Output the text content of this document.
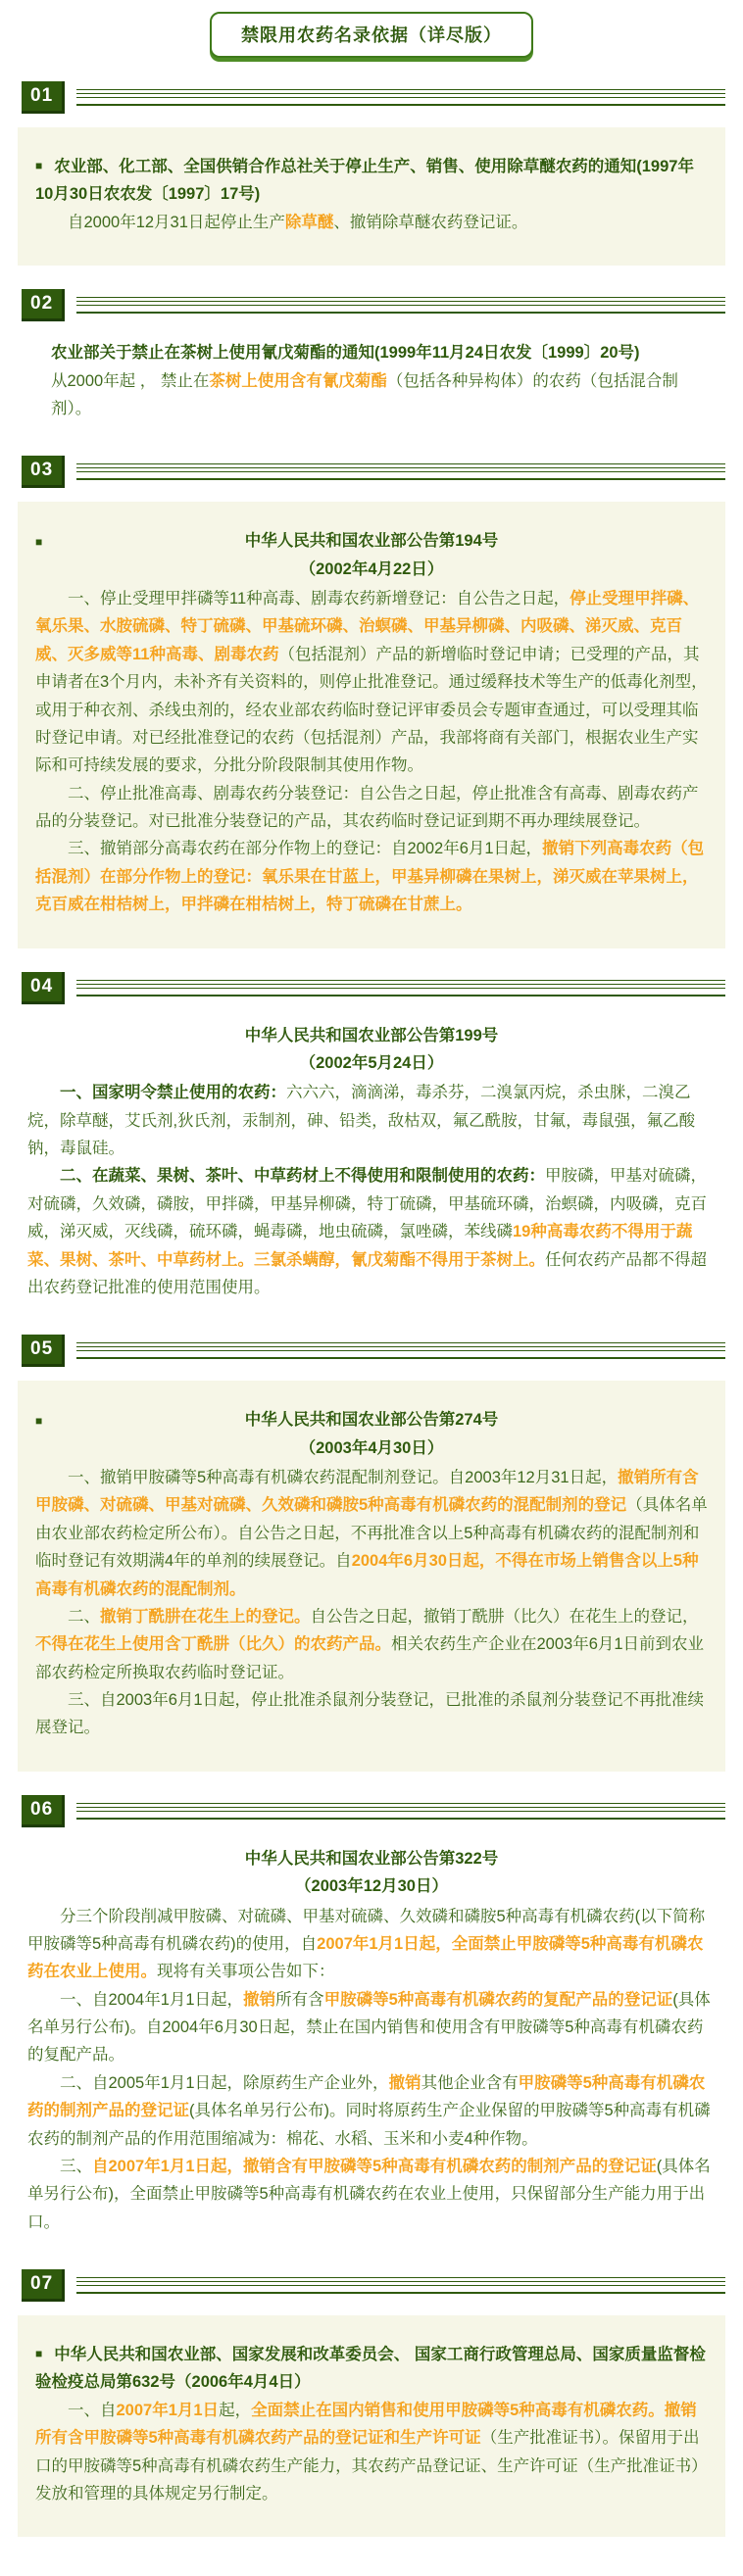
禁限用农药名录依据（详尽版）
01

■ 农业部、化工部、全国供销合作总社关于停止生产、销售、使用除草醚农药的通知(1997年10月30日农农发〔1997〕17号)

自2000年12月31日起停止生产除草醚、撤销除草醚农药登记证。

02

农业部关于禁止在茶树上使用氰戊菊酯的通知(1999年11月24日农发〔1999〕20号)

从2000年起 ， 禁止在茶树上使用含有氰戊菊酯（包括各种异构体）的农药（包括混合制剂）。

03
■	中华人民共和国农业部公告第194号
（2002年4月22日）

一、停止受理甲拌磷等11种高毒、剧毒农药新增登记：自公告之日起，停止受理甲拌磷、氧乐果、水胺硫磷、特丁硫磷、甲基硫环磷、治螟磷、甲基异柳磷、内吸磷、涕灭威、克百威、灭多威等11种高毒、剧毒农药（包括混剂）产品的新增临时登记申请；已受理的产品，其申请者在3个月内，未补齐有关资料的，则停止批准登记。通过缓释技术等生产的低毒化剂型，或用于种衣剂、杀线虫剂的，经农业部农药临时登记评审委员会专题审查通过，可以受理其临时登记申请。对已经批准登记的农药（包括混剂）产品，我部将商有关部门，根据农业生产实际和可持续发展的要求，分批分阶段限制其使用作物。

二、停止批准高毒、剧毒农药分装登记：自公告之日起，停止批准含有高毒、剧毒农药产品的分装登记。对已批准分装登记的产品，其农药临时登记证到期不再办理续展登记。

三、撤销部分高毒农药在部分作物上的登记：自2002年6月1日起，撤销下列高毒农药（包括混剂）在部分作物上的登记：氧乐果在甘蓝上，甲基异柳磷在果树上，涕灭威在苹果树上，克百威在柑桔树上，甲拌磷在柑桔树上，特丁硫磷在甘蔗上。

04
中华人民共和国农业部公告第199号
（2002年5月24日）

一、国家明令禁止使用的农药：六六六，滴滴涕，毒杀芬，二溴氯丙烷，杀虫脒，二溴乙烷，除草醚，艾氏剂,狄氏剂，汞制剂，砷、铅类，敌枯双，氟乙酰胺，甘氟，毒鼠强，氟乙酸钠，毒鼠硅。

二、在蔬菜、果树、茶叶、中草药材上不得使用和限制使用的农药：甲胺磷，甲基对硫磷，对硫磷，久效磷，磷胺，甲拌磷，甲基异柳磷，特丁硫磷，甲基硫环磷，治螟磷，内吸磷，克百威，涕灭威，灭线磷，硫环磷，蝇毒磷，地虫硫磷，氯唑磷，苯线磷19种高毒农药不得用于蔬菜、果树、茶叶、中草药材上。三氯杀螨醇，氰戊菊酯不得用于茶树上。任何农药产品都不得超出农药登记批准的使用范围使用。

05
■	中华人民共和国农业部公告第274号
（2003年4月30日）

一、撤销甲胺磷等5种高毒有机磷农药混配制剂登记。自2003年12月31日起，撤销所有含甲胺磷、对硫磷、甲基对硫磷、久效磷和磷胺5种高毒有机磷农药的混配制剂的登记（具体名单由农业部农药检定所公布）。自公告之日起，不再批准含以上5种高毒有机磷农药的混配制剂和临时登记有效期满4年的单剂的续展登记。自2004年6月30日起，不得在市场上销售含以上5种高毒有机磷农药的混配制剂。

二、撤销丁酰肼在花生上的登记。自公告之日起，撤销丁酰肼（比久）在花生上的登记，不得在花生上使用含丁酰肼（比久）的农药产品。相关农药生产企业在2003年6月1日前到农业部农药检定所换取农药临时登记证。

三、自2003年6月1日起，停止批准杀鼠剂分装登记，已批准的杀鼠剂分装登记不再批准续展登记。

06
中华人民共和国农业部公告第322号
（2003年12月30日）

分三个阶段削减甲胺磷、对硫磷、甲基对硫磷、久效磷和磷胺5种高毒有机磷农药(以下简称甲胺磷等5种高毒有机磷农药)的使用，自2007年1月1日起，全面禁止甲胺磷等5种高毒有机磷农药在农业上使用。现将有关事项公告如下：

一、自2004年1月1日起，撤销所有含甲胺磷等5种高毒有机磷农药的复配产品的登记证(具体名单另行公布)。自2004年6月30日起，禁止在国内销售和使用含有甲胺磷等5种高毒有机磷农药的复配产品。

二、自2005年1月1日起，除原药生产企业外，撤销其他企业含有甲胺磷等5种高毒有机磷农药的制剂产品的登记证(具体名单另行公布)。同时将原药生产企业保留的甲胺磷等5种高毒有机磷农药的制剂产品的作用范围缩减为：棉花、水稻、玉米和小麦4种作物。

三、自2007年1月1日起，撤销含有甲胺磷等5种高毒有机磷农药的制剂产品的登记证(具体名单另行公布)，全面禁止甲胺磷等5种高毒有机磷农药在农业上使用，只保留部分生产能力用于出口。

07

■ 中华人民共和国农业部、国家发展和改革委员会、 国家工商行政管理总局、国家质量监督检验检疫总局第632号（2006年4月4日）

一、自2007年1月1日起，全面禁止在国内销售和使用甲胺磷等5种高毒有机磷农药。撤销所有含甲胺磷等5种高毒有机磷农药产品的登记证和生产许可证（生产批准证书）。保留用于出口的甲胺磷等5种高毒有机磷农药生产能力，其农药产品登记证、生产许可证（生产批准证书）发放和管理的具体规定另行制定。
